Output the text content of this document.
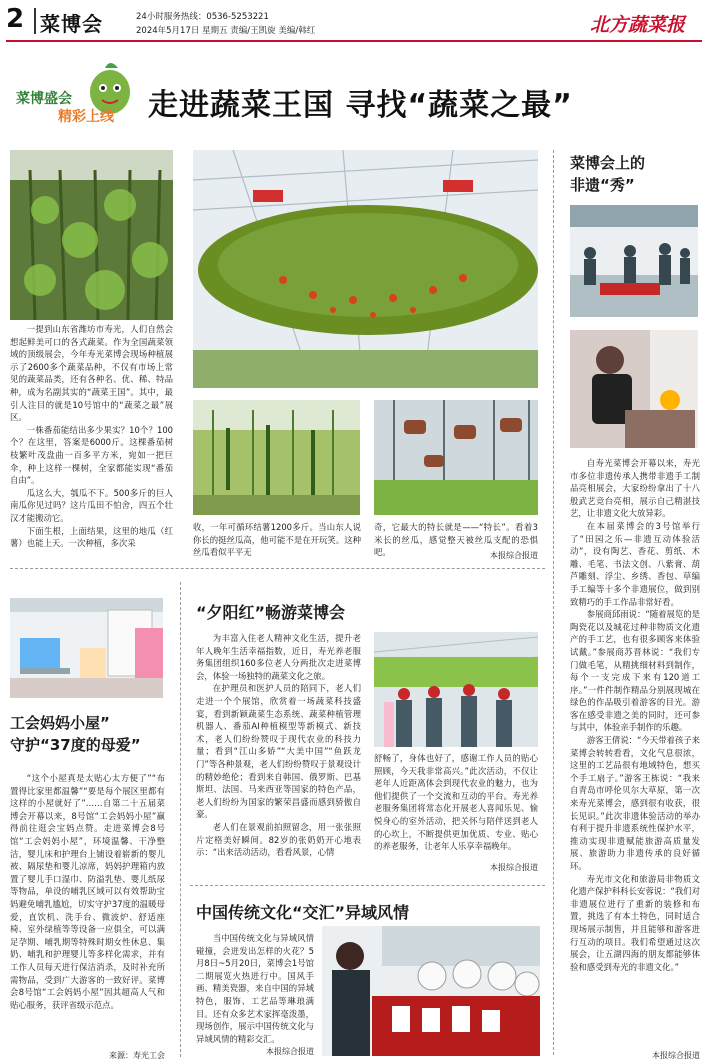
2 菜博会	24小时服务热线：0536-5253221
2024年5月17日 星期五 责编/王凯旋 美编/韩红	北方蔬菜报
菜博盛会
精彩上线 走进蔬菜王国 寻找“蔬菜之最”

一提到山东省潍坊市寿光，人们自然会想起鲜美可口的各式蔬菜。作为全国蔬菜领域的顶级展会，今年寿光菜博会现场种植展示了2600多个蔬菜品种，不仅有市场上常见的蔬菜品类，还有各种名、优、稀、特品种，成为名副其实的“蔬菜王国”。其中，最引人注目的就是10号馆中的“蔬菜之最”展区。

一株番茄能结出多少果实？10个？100个？在这里，答案是6000斤。这棵番茄树枝繁叶茂盘曲一百多平方米，宛如一把巨伞，种上这样一棵树，全家都能实现“番茄自由”。

瓜这么大，瓠瓜不下。500多斤的巨人南瓜你见过吗？这片瓜田不怕舍，四五个壮汉才能搬动它。

下面生根，上面结果，这里的地瓜（红薯）也能上天。一次种植，多次采

收，一年可循环结薯1200多斤。当山东人说你长的挺丝瓜高，他可能不是在开玩笑。这种丝瓜看似平平无

奇，它最大的特长就是——“特长”。看着3米长的丝瓜，感觉整天被丝瓜支配的恐惧吧。	本报综合报道
菜博会上的
非遗“秀”

自寿光菜博会开幕以来，寿光市多位非遗传承人携带非遗手工制品亮相展会，大家纷纷拿出了十八般武艺竞台亮相，展示自己精湛技艺，让非遗文化大放异彩。

在本届菜博会的3号馆举行了“田园之乐—非遗互动体验活动”，设有陶艺、香花、剪纸、木雕、毛笔、书法文创、八紫膏、葫芦雕刻、浮尘、乡绣、香包、草编手工编等十多个非遗展位，做到别致精巧的手工作品非常好看。

参展商邱雨说：“随着展览的是陶瓷花以及城花过种非物质文化遗产的手工艺，也有很多顾客来体验试戴。”参展商苏晋林说：“我们专门做毛笔，从精挑细材料到制作，每个一支完成下来有120道工序。”一件件制作精品分别展现城在绿色的作品吸引着游客的目光。游客在感受非遗之美的同时，还可参与其中，体验亲手制作的乐趣。

游客王倩说：“今天带着孩子来菜博会转转看看，文化气息很浓，这里的工艺品很有地域特色，想买个手工扇子。”游客王栋说：“我来自青岛市呼伦贝尔大草原，第一次来寿光菜博会，感到很有收获，很长见识。”此次非遗体验活动的举办有利于提升非遗系统性保护水平，推动实现非遗赋能旅游高质量发展、旅游助力非遗传承的良好循环。

寿光市文化和旅游局非物质文化遗产保护科科长安蓉说：“我们对非遗展位进行了重新的装修和布置，挑选了有本土特色，同时适合现场展示制售，并且能够和游客进行互动的项目。我们希望通过这次展会，让五湖四海的朋友都能够体验和感受到寿光的非遗文化。”

本报综合报道
工会妈妈小屋”
守护“37度的母爱”

“这个小屋真是太贴心太方便了”“布置得比家里都温馨”“要是每个展区里都有这样的小屋就好了”……自第二十五届菜博会开幕以来，8号馆“工会妈妈小屋”赢得前往逛会宝妈点赞。走进菜博会8号馆“工会妈妈小屋”，环境温馨、干净整洁，婴儿床和护理台上铺设着崭新的婴儿被、隔尿垫和婴儿凉席，妈妈护理箱内放置了婴儿手口湿巾、防溢乳垫、婴儿纸尿等物品，单设的哺乳区域可以有效帮助宝妈避免哺乳尴尬，切实守护37度的温暖母爱，直饮机、洗手台、微波炉、舒适座椅、室外绿植等等设备一应俱全，可以满足孕期、哺乳期等特殊时期女性休息、集奶、哺乳和护理婴儿等多样化需求，并有工作人员每天进行保洁消杀，及时补充所需物品，受到广大游客的一致好评。菜博会8号馆“工会妈妈小屋”因其超高人气和贴心服务，获评省级示范点。

来源：寿光工会
“夕阳红”畅游菜博会

为丰富入住老人精神文化生活，提升老年人晚年生活幸福指数，近日，寿光养老服务集团组织160多位老人分两批次走进菜博会，体验一场独特的蔬菜文化之旅。

在护理员和医护人员的陪同下，老人们走进一个个展馆，欣赏着一场蔬菜科技盛宴，看到新颖蔬菜生态系统、蔬菜种植管理机器人、番茄AI种植模型等新模式、新技术，老人们纷纷赞叹于现代农业的科技力量；看到“江山多娇”“大美中国”“鱼跃龙门”等各种景观，老人们纷纷赞叹于景观设计的精妙绝伦；看到来自韩国、俄罗斯、巴基斯坦、法国、马来西亚等国家的特色产品，老人们纷纷为国家的繁荣昌盛而感到骄傲自豪。

老人们在景观前拍照留念，用一张张照片定格美好瞬间。82岁的张奶奶开心地表示：“出来活动活动，看看风景，心情

舒畅了，身体也好了，感谢工作人员的贴心照顾，今天我非常高兴。”此次活动，不仅让老年人近距离体会到现代农业的魅力，也为他们提供了一个交流和互动的平台。寿光养老服务集团将常态化开展老人喜闻乐见、愉悦身心的室外活动，把关怀与陪伴送到老人的心坎上，不断提供更加优质、专业、贴心的养老服务，让老年人乐享幸福晚年。

本报综合报道
中国传统文化“交汇”异域风情

当中国传统文化与异域风情碰撞，会迸发出怎样的火花？5月8日~5月20日，菜博会1号馆二期展览火热进行中。国风手画、精美瓷器，来自中国的异域特色，服饰、工艺品等琳琅满目。还有众多艺术家挥毫泼墨，现场创作，展示中国传统文化与异域风情的精彩交汇。

本报综合报道
